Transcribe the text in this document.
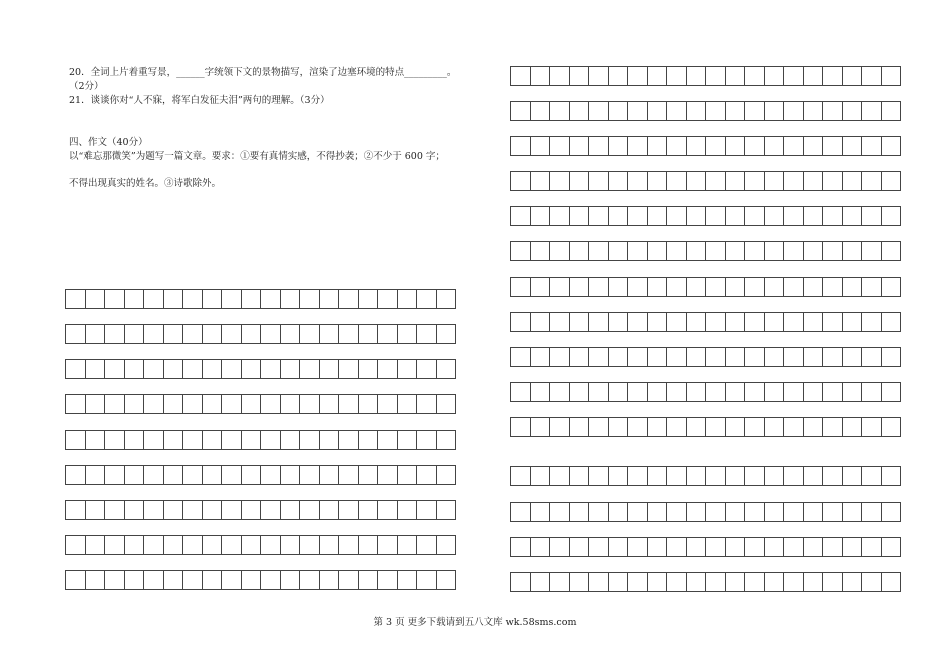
20．全词上片着重写景，______字统领下文的景物描写，渲染了边塞环境的特点_________。
（2分）
21．谈谈你对“人不寐，将军白发征夫泪”两句的理解。（3分）
四、作文（40分）
以“难忘那微笑”为题写一篇文章。要求：①要有真情实感，不得抄袭；②不少于 600 字；
不得出现真实的姓名。③诗歌除外。
第 3 页 更多下载请到五八文库 wk.58sms.com
